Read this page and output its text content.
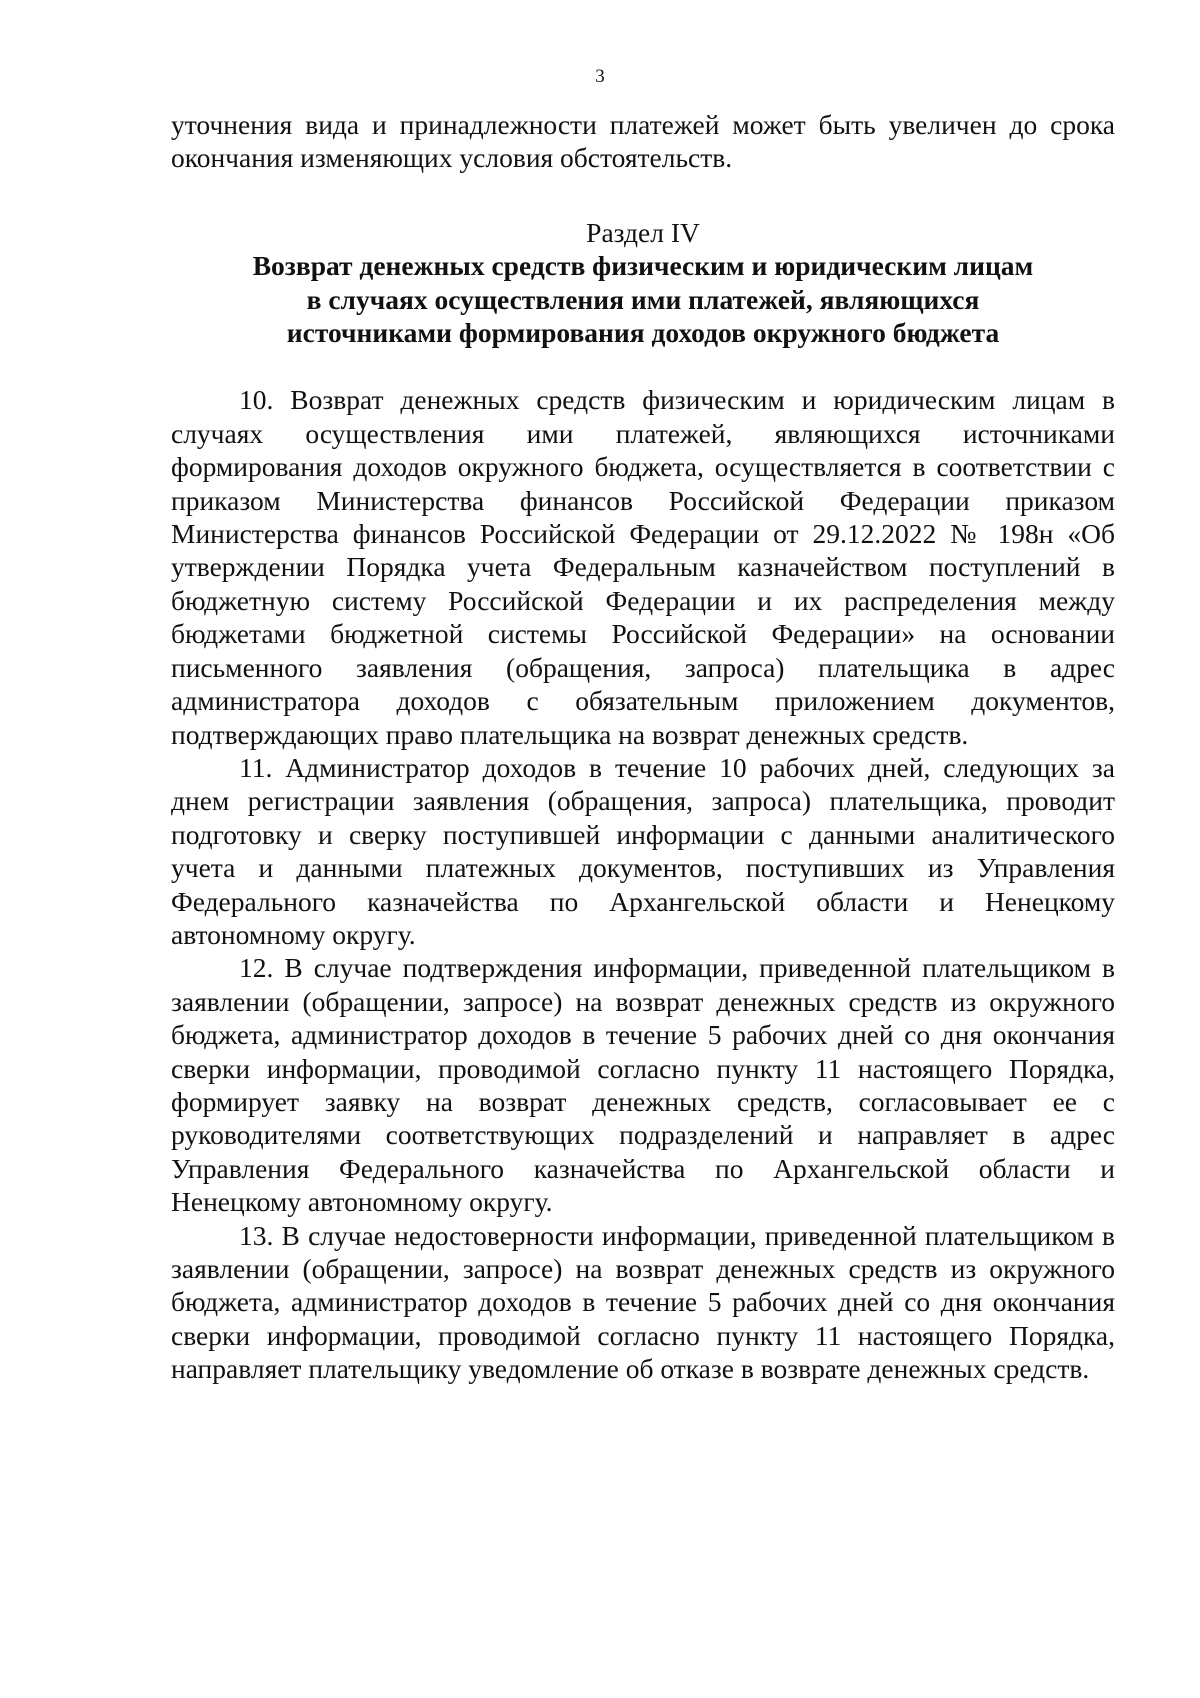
3

уточнения вида и принадлежности платежей может быть увеличен до срока окончания изменяющих условия обстоятельств.

Раздел IV
Возврат денежных средств физическим и юридическим лицам
в случаях осуществления ими платежей, являющихся
источниками формирования доходов окружного бюджета

10. Возврат денежных средств физическим и юридическим лицам в случаях осуществления ими платежей, являющихся источниками формирования доходов окружного бюджета, осуществляется в соответствии с приказом Министерства финансов Российской Федерации приказом Министерства финансов Российской Федерации от 29.12.2022 № 198н «Об утверждении Порядка учета Федеральным казначейством поступлений в бюджетную систему Российской Федерации и их распределения между бюджетами бюджетной системы Российской Федерации» на основании письменного заявления (обращения, запроса) плательщика в адрес администратора доходов с обязательным приложением документов, подтверждающих право плательщика на возврат денежных средств.

11. Администратор доходов в течение 10 рабочих дней, следующих за днем регистрации заявления (обращения, запроса) плательщика, проводит подготовку и сверку поступившей информации с данными аналитического учета и данными платежных документов, поступивших из Управления Федерального казначейства по Архангельской области и Ненецкому автономному округу.

12. В случае подтверждения информации, приведенной плательщиком в заявлении (обращении, запросе) на возврат денежных средств из окружного бюджета, администратор доходов в течение 5 рабочих дней со дня окончания сверки информации, проводимой согласно пункту 11 настоящего Порядка, формирует заявку на возврат денежных средств, согласовывает ее с руководителями соответствующих подразделений и направляет в адрес Управления Федерального казначейства по Архангельской области и Ненецкому автономному округу.

13. В случае недостоверности информации, приведенной плательщиком в заявлении (обращении, запросе) на возврат денежных средств из окружного бюджета, администратор доходов в течение 5 рабочих дней со дня окончания сверки информации, проводимой согласно пункту 11 настоящего Порядка, направляет плательщику уведомление об отказе в возврате денежных средств.
